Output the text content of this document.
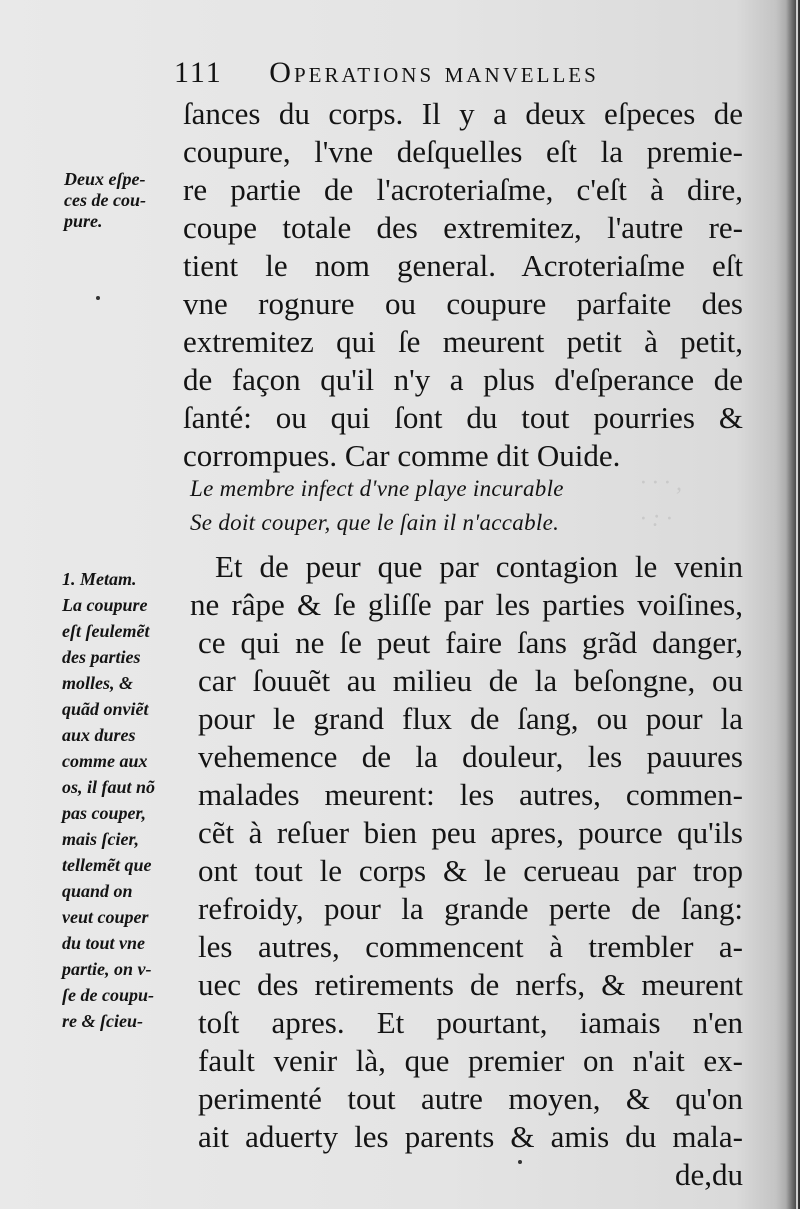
111 Operations manvelles
· · · ,
· : ·
Deux eſpe-
ces de cou-
pure.
ſances du corps. Il y a deux eſpeces de
coupure, l'vne deſquelles eſt la premie-
re partie de l'acroteriaſme, c'eſt à dire,
coupe totale des extremitez, l'autre re-
tient le nom general. Acroteriaſme eſt
vne rognure ou coupure parfaite des
extremitez qui ſe meurent petit à petit,
de façon qu'il n'y a plus d'eſperance de
ſanté: ou qui ſont du tout pourries &
corrompues. Car comme dit Ouide.
Le membre infect d'vne playe incurable
Se doit couper, que le ſain il n'accable.
1. Metam.
La coupure
eſt ſeulemẽt
des parties
molles, &
quãd onviẽt
aux dures
comme aux
os, il faut nõ
pas couper,
mais ſcier,
tellemẽt que
quand on
veut couper
du tout vne
partie, on v-
ſe de coupu-
re & ſcieu-
Et de peur que par contagion le venin
ne râpe & ſe gliſſe par les parties voiſines,
ce qui ne ſe peut faire ſans grãd danger,
car ſouuẽt au milieu de la beſongne, ou
pour le grand flux de ſang, ou pour la
vehemence de la douleur, les pauures
malades meurent: les autres, commen-
cẽt à reſuer bien peu apres, pource qu'ils
ont tout le corps & le cerueau par trop
refroidy, pour la grande perte de ſang:
les autres, commencent à trembler a-
uec des retirements de nerfs, & meurent
toſt apres. Et pourtant, iamais n'en
fault venir là, que premier on n'ait ex-
perimenté tout autre moyen, & qu'on
ait aduerty les parents & amis du mala-
de,du
